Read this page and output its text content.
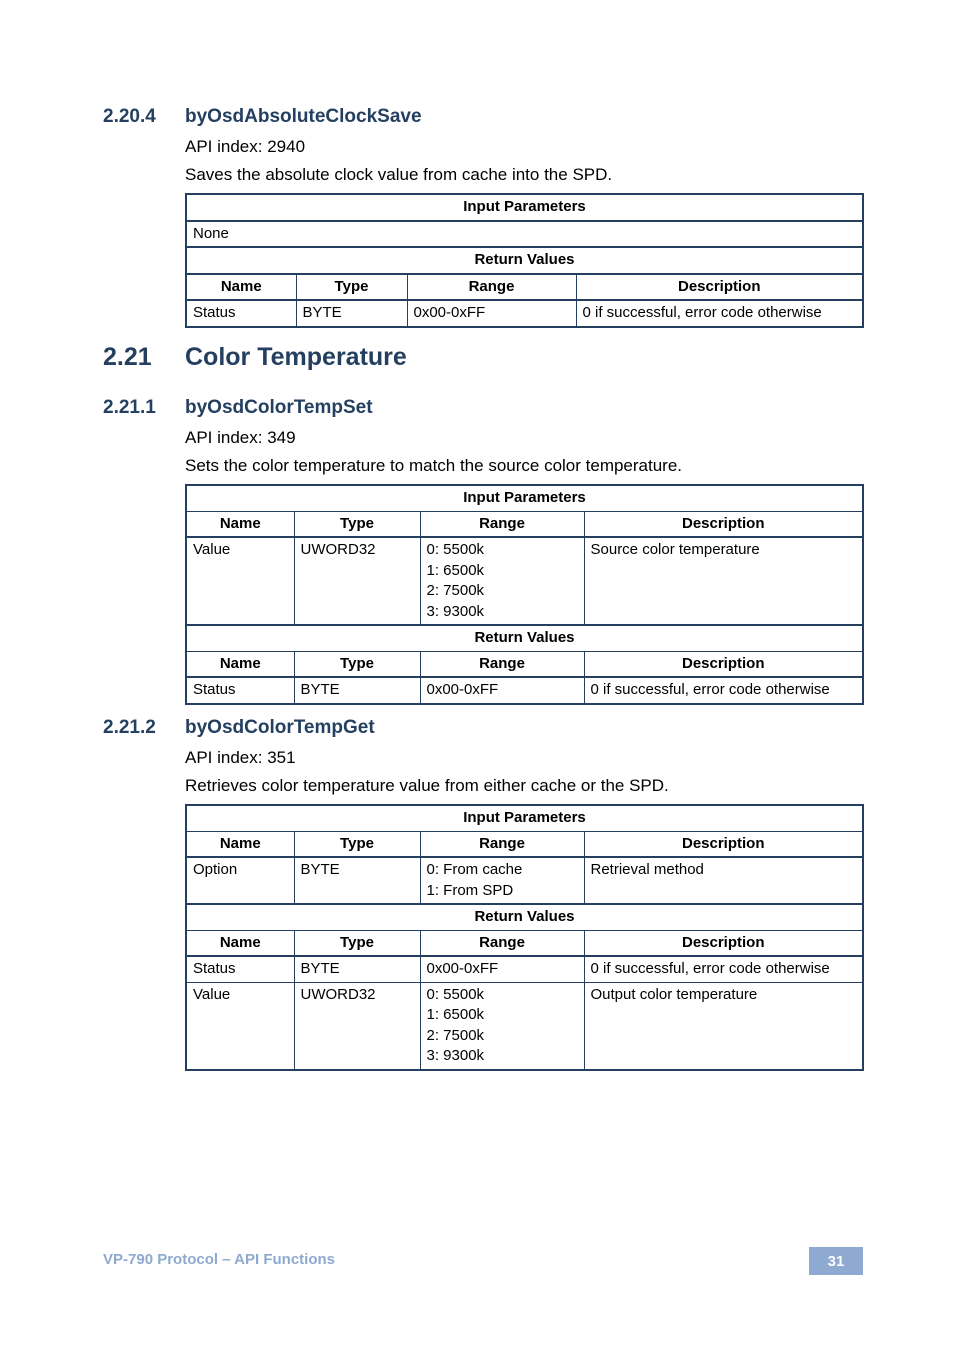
2.20.4 byOsdAbsoluteClockSave

API index: 2940

Saves the absolute clock value from cache into the SPD.

Input Parameters			
None			
Return Values			
Name	Type	Range	Description
Status	BYTE	0x00-0xFF	0 if successful, error code otherwise
2.21 Color Temperature
2.21.1 byOsdColorTempSet

API index: 349

Sets the color temperature to match the source color temperature.

Input Parameters			
Name	Type	Range	Description
Value	UWORD32	0: 5500k
1: 6500k
2: 7500k
3: 9300k	Source color temperature
Return Values			
Name	Type	Range	Description
Status	BYTE	0x00-0xFF	0 if successful, error code otherwise
2.21.2 byOsdColorTempGet

API index: 351

Retrieves color temperature value from either cache or the SPD.

Input Parameters			
Name	Type	Range	Description
Option	BYTE	0: From cache
1: From SPD	Retrieval method
Return Values			
Name	Type	Range	Description
Status	BYTE	0x00-0xFF	0 if successful, error code otherwise
Value	UWORD32	0: 5500k
1: 6500k
2: 7500k
3: 9300k	Output color temperature
VP-790 Protocol – API Functions	31
